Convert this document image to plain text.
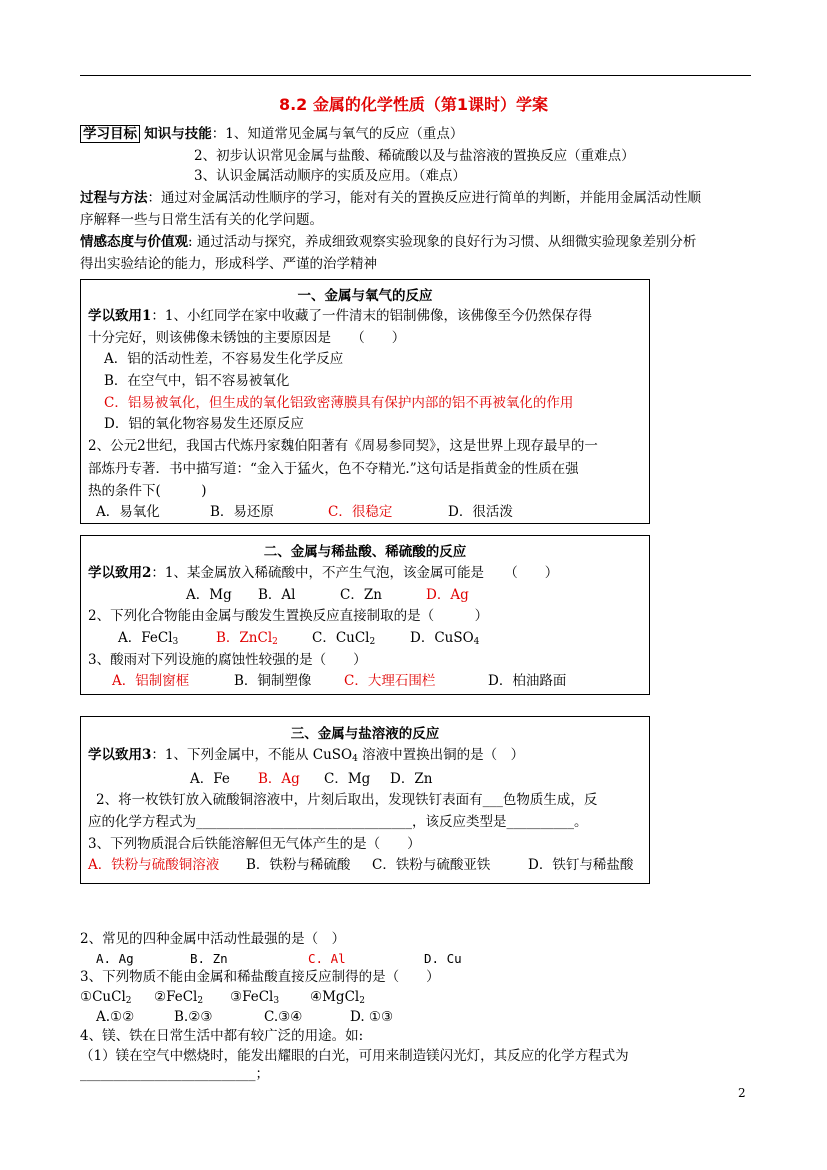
8.2 金属的化学性质（第1课时）学案
学习目标 知识与技能：1、知道常见金属与氧气的反应（重点）
2、初步认识常见金属与盐酸、稀硫酸以及与盐溶液的置换反应（重难点）
3、认识金属活动顺序的实质及应用。（难点）
过程与方法：通过对金属活动性顺序的学习，能对有关的置换反应进行简单的判断，并能用金属活动性顺
序解释一些与日常生活有关的化学问题。
情感态度与价值观: 通过活动与探究，养成细致观察实验现象的良好行为习惯、从细微实验现象差别分析
得出实验结论的能力，形成科学、严谨的治学精神
一、金属与氧气的反应
学以致用1：1、小红同学在家中收藏了一件清末的铝制佛像，该佛像至今仍然保存得
十分完好，则该佛像未锈蚀的主要原因是　　（　　）
A．铝的活动性差，不容易发生化学反应
B．在空气中，铝不容易被氧化
C．铝易被氧化，但生成的氧化铝致密薄膜具有保护内部的铝不再被氧化的作用
D．铝的氧化物容易发生还原反应
2、公元2世纪，我国古代炼丹家魏伯阳著有《周易参同契》，这是世界上现存最早的一
部炼丹专著．书中描写道：“金入于猛火，色不夺精光.”这句话是指黄金的性质在强
热的条件下(　　　)
A．易氧化	B．易还原	C．很稳定	D．很活泼
二、金属与稀盐酸、稀硫酸的反应
学以致用2：1、某金属放入稀硫酸中，不产生气泡，该金属可能是　　（　　）
A．Mg B．Al	C．Zn	D．Ag
2、下列化合物能由金属与酸发生置换反应直接制取的是（　　　）
A．FeCl$_3$	B．ZnCl$_2$	C．CuCl$_2$	D．CuSO$_4$
3、酸雨对下列设施的腐蚀性较强的是（　　）
A．铝制窗框	B．铜制塑像 C．大理石围栏	D．柏油路面
三、金属与盐溶液的反应
学以致用3：1、下列金属中，不能从 CuSO$_4$ 溶液中置换出铜的是（　）
A．Fe B．Ag C．Mg D．Zn
2、将一枚铁钉放入硫酸铜溶液中，片刻后取出，发现铁钉表面有___色物质生成，反
应的化学方程式为________________________________，该反应类型是__________。
3、下列物质混合后铁能溶解但无气体产生的是（　　）
A．铁粉与硫酸铜溶液 B．铁粉与稀硫酸 C．铁粉与硫酸亚铁	D．铁钉与稀盐酸
2、常见的四种金属中活动性最强的是（　）
A. Ag	B. Zn	C. Al	D. Cu
3、下列物质不能由金属和稀盐酸直接反应制得的是（　　）
①CuCl$_2$ ②FeCl$_2$ ③FeCl$_3$ ④MgCl$_2$
A.①②	B.②③	C.③④	D. ①③
4、镁、铁在日常生活中都有较广泛的用途。如:
（1）镁在空气中燃烧时，能发出耀眼的白光，可用来制造镁闪光灯，其反应的化学方程式为
__________________________；
2
